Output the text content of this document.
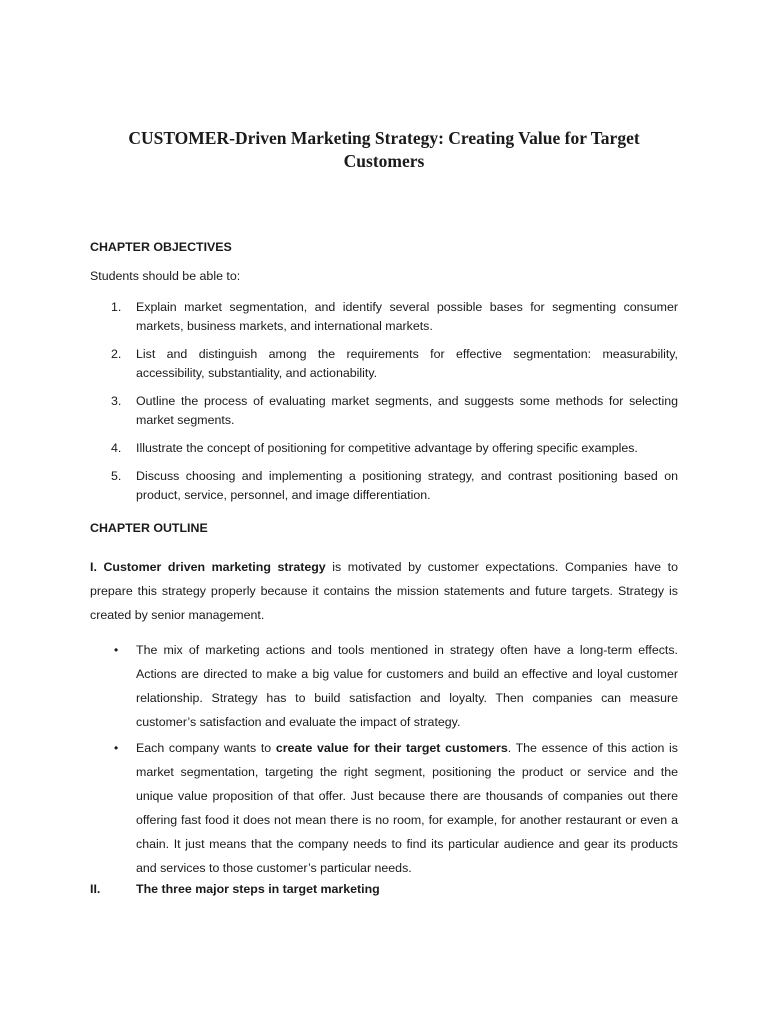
CUSTOMER-Driven Marketing Strategy: Creating Value for Target Customers

CHAPTER OBJECTIVES

Students should be able to:

1. Explain market segmentation, and identify several possible bases for segmenting consumer markets, business markets, and international markets.
2. List and distinguish among the requirements for effective segmentation: measurability, accessibility, substantiality, and actionability.
3. Outline the process of evaluating market segments, and suggests some methods for selecting market segments.
4. Illustrate the concept of positioning for competitive advantage by offering specific examples.
5. Discuss choosing and implementing a positioning strategy, and contrast positioning based on product, service, personnel, and image differentiation.

CHAPTER OUTLINE

I. Customer driven marketing strategy is motivated by customer expectations. Companies have to prepare this strategy properly because it contains the mission statements and future targets. Strategy is created by senior management.

• The mix of marketing actions and tools mentioned in strategy often have a long-term effects. Actions are directed to make a big value for customers and build an effective and loyal customer relationship. Strategy has to build satisfaction and loyalty. Then companies can measure customer’s satisfaction and evaluate the impact of strategy.
• Each company wants to create value for their target customers. The essence of this action is market segmentation, targeting the right segment, positioning the product or service and the unique value proposition of that offer. Just because there are thousands of companies out there offering fast food it does not mean there is no room, for example, for another restaurant or even a chain. It just means that the company needs to find its particular audience and gear its products and services to those customer’s particular needs.

II.	The three major steps in target marketing
